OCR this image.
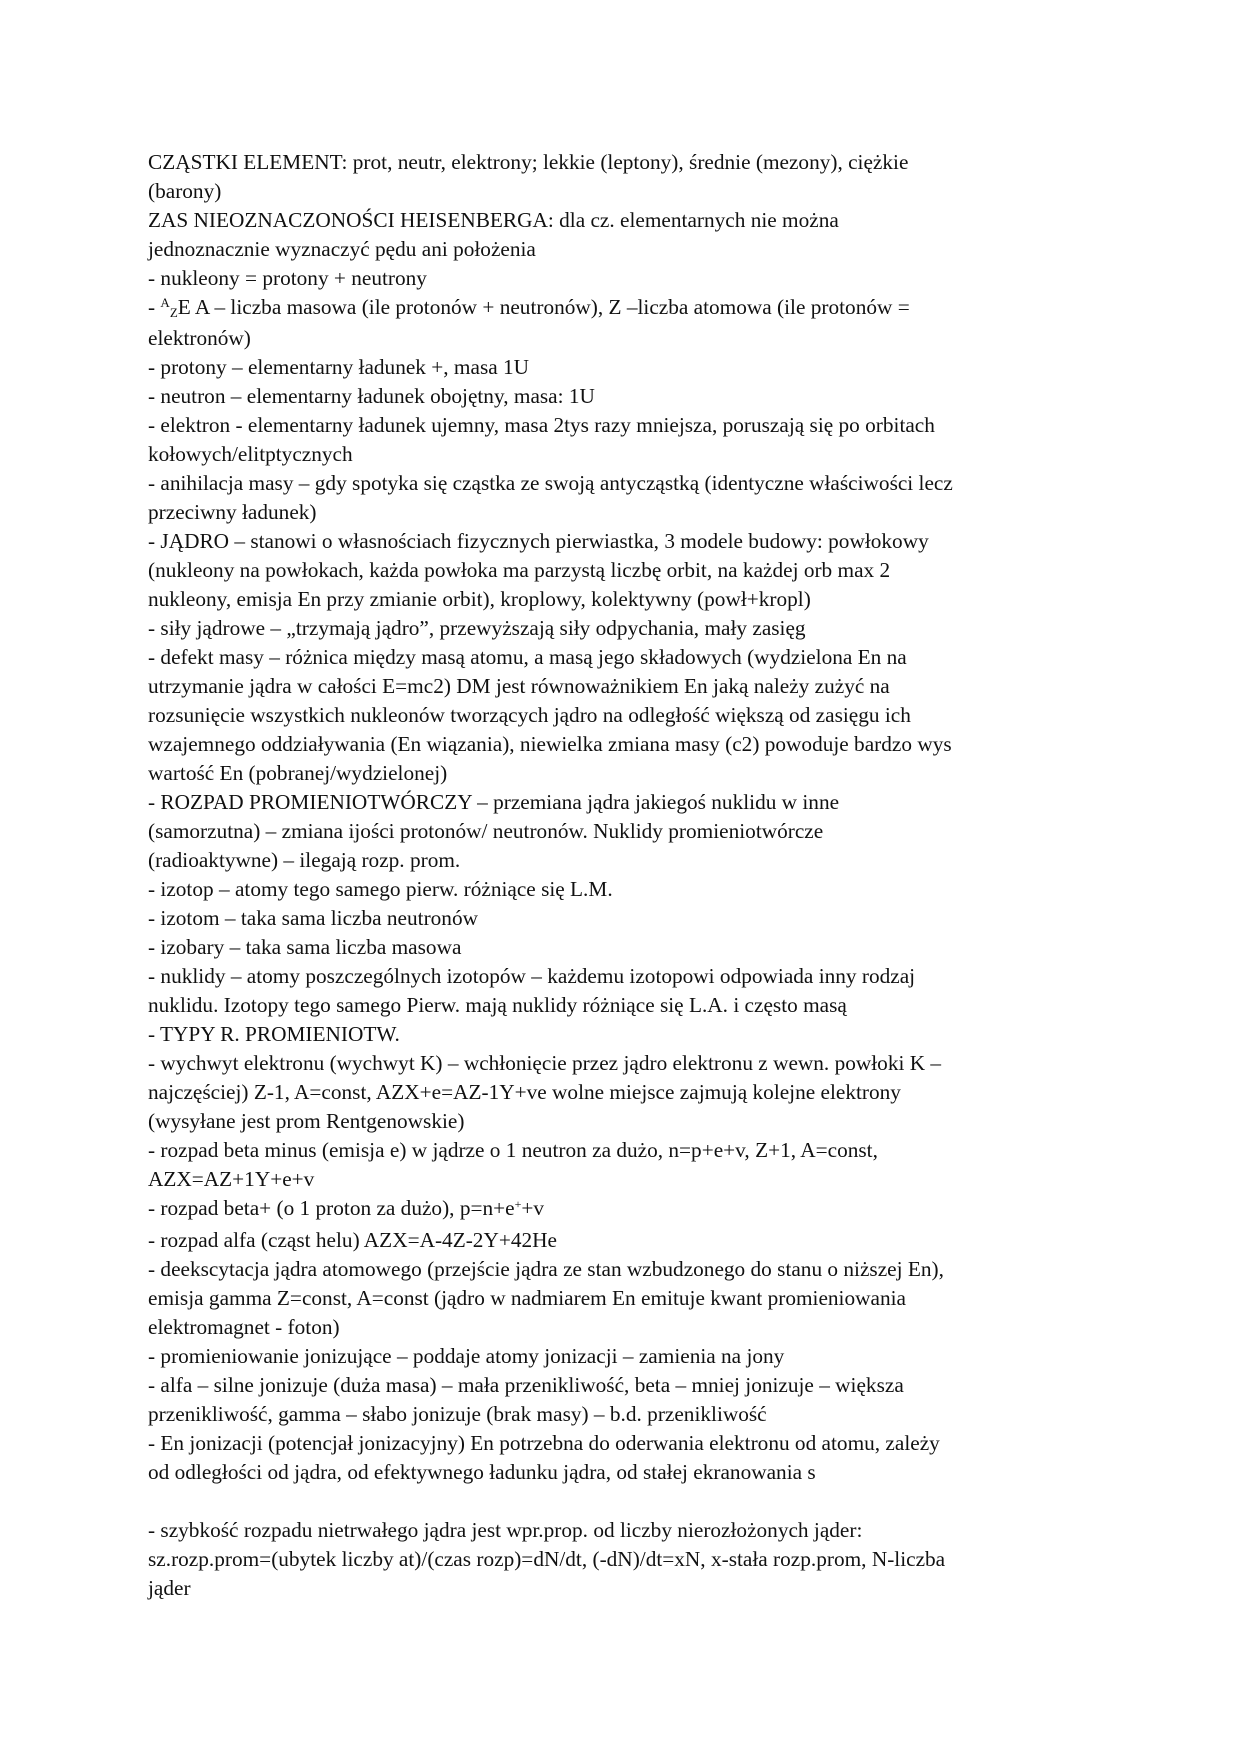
CZĄSTKI ELEMENT: prot, neutr, elektrony; lekkie (leptony), średnie (mezony), ciężkie
(barony)
ZAS NIEOZNACZONOŚCI HEISENBERGA: dla cz. elementarnych nie można
jednoznacznie wyznaczyć pędu ani położenia
- nukleony = protony + neutrony
- $^A$ZE A – liczba masowa (ile protonów + neutronów), Z –liczba atomowa (ile protonów =
elektronów)
- protony – elementarny ładunek +, masa 1U
- neutron – elementarny ładunek obojętny, masa: 1U
- elektron - elementarny ładunek ujemny, masa 2tys razy mniejsza, poruszają się po orbitach
kołowych/elitptycznych
- anihilacja masy – gdy spotyka się cząstka ze swoją antycząstką (identyczne właściwości lecz
przeciwny ładunek)
- JĄDRO – stanowi o własnościach fizycznych pierwiastka, 3 modele budowy: powłokowy
(nukleony na powłokach, każda powłoka ma parzystą liczbę orbit, na każdej orb max 2
nukleony, emisja En przy zmianie orbit), kroplowy, kolektywny (powł+kropl)
- siły jądrowe – „trzymają jądro”, przewyższają siły odpychania, mały zasięg
- defekt masy – różnica między masą atomu, a masą jego składowych (wydzielona En na
utrzymanie jądra w całości E=mc2) DM jest równoważnikiem En jaką należy zużyć na
rozsunięcie wszystkich nukleonów tworzących jądro na odległość większą od zasięgu ich
wzajemnego oddziaływania (En wiązania), niewielka zmiana masy (c2) powoduje bardzo wys
wartość En (pobranej/wydzielonej)
- ROZPAD PROMIENIOTWÓRCZY – przemiana jądra jakiegoś nuklidu w inne
(samorzutna) – zmiana ijości protonów/ neutronów. Nuklidy promieniotwórcze
(radioaktywne) – ilegają rozp. prom.
- izotop – atomy tego samego pierw. różniące się L.M.
- izotom – taka sama liczba neutronów
- izobary – taka sama liczba masowa
- nuklidy – atomy poszczególnych izotopów – każdemu izotopowi odpowiada inny rodzaj
nuklidu. Izotopy tego samego Pierw. mają nuklidy różniące się L.A. i często masą
- TYPY R. PROMIENIOTW.
- wychwyt elektronu (wychwyt K) – wchłonięcie przez jądro elektronu z wewn. powłoki K –
najczęściej) Z-1, A=const, AZX+e=AZ-1Y+ve wolne miejsce zajmują kolejne elektrony
(wysyłane jest prom Rentgenowskie)
- rozpad beta minus (emisja e) w jądrze o 1 neutron za dużo, n=p+e+v, Z+1, A=const,
AZX=AZ+1Y+e+v
- rozpad beta+ (o 1 proton za dużo), p=n+e++v
- rozpad alfa (cząst helu) AZX=A-4Z-2Y+42He
- deekscytacja jądra atomowego (przejście jądra ze stan wzbudzonego do stanu o niższej En),
emisja gamma Z=const, A=const (jądro w nadmiarem En emituje kwant promieniowania
elektromagnet - foton)
- promieniowanie jonizujące – poddaje atomy jonizacji – zamienia na jony
- alfa – silne jonizuje (duża masa) – mała przenikliwość, beta – mniej jonizuje – większa
przenikliwość, gamma – słabo jonizuje (brak masy) – b.d. przenikliwość
- En jonizacji (potencjał jonizacyjny) En potrzebna do oderwania elektronu od atomu, zależy
od odległości od jądra, od efektywnego ładunku jądra, od stałej ekranowania s
- szybkość rozpadu nietrwałego jądra jest wpr.prop. od liczby nierozłożonych jąder:
sz.rozp.prom=(ubytek liczby at)/(czas rozp)=dN/dt, (-dN)/dt=xN, x-stała rozp.prom, N-liczba
jąder
